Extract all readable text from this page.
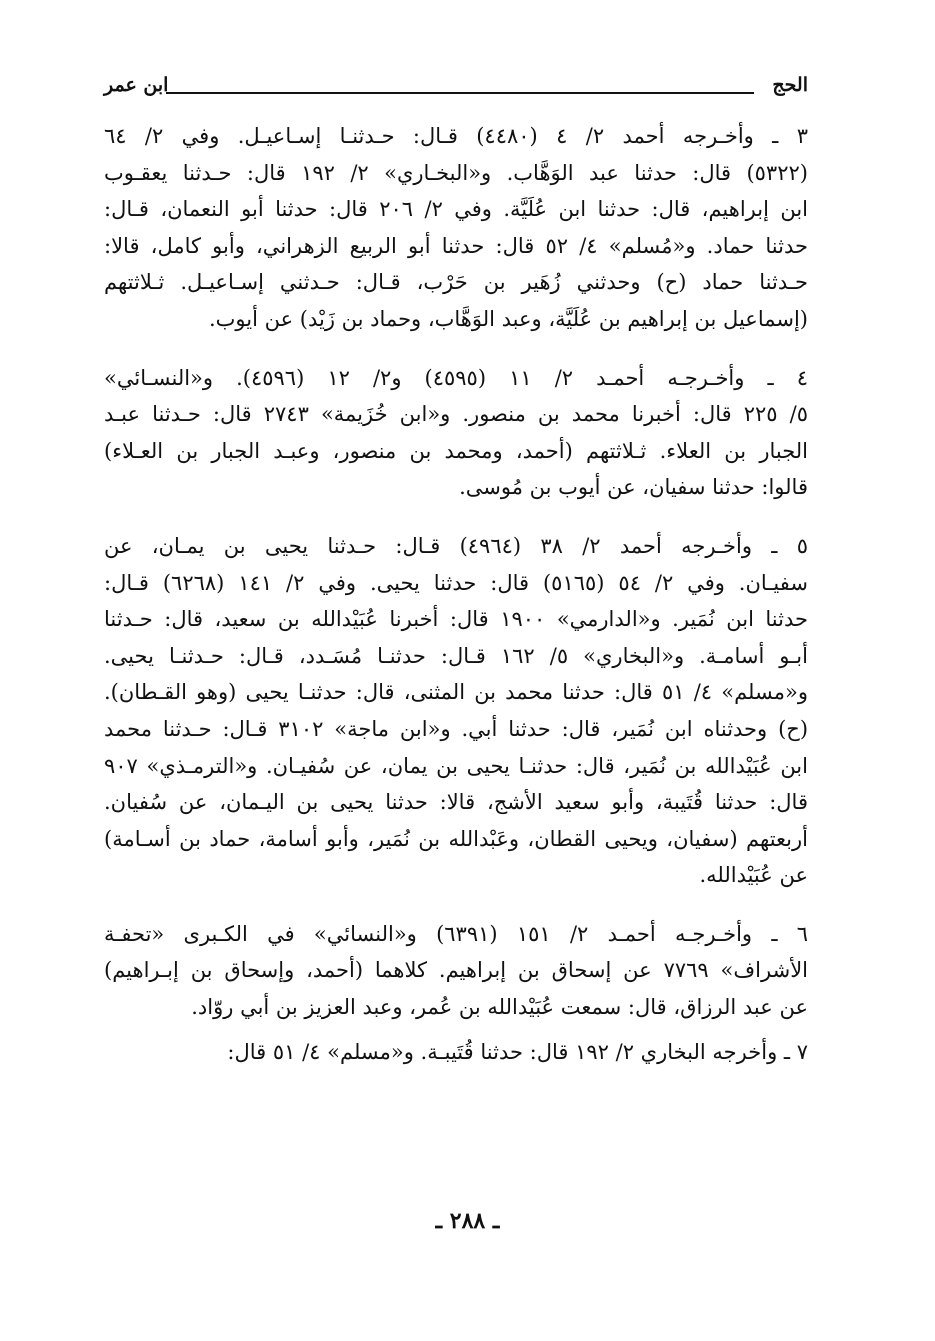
الحج
ابن عمر
٣ ـ وأخـرجه أحمد ٢/ ٤ (٤٤٨٠) قـال: حـدثنـا إسـاعيـل. وفي ٢/ ٦٤
(٥٣٢٢) قال: حدثنا عبد الوَهَّاب. و«البخـاري» ٢/ ١٩٢ قال: حـدثنا يعقـوب
ابن إبراهيم، قال: حدثنا ابن عُلَيَّة. وفي ٢/ ٢٠٦ قال: حدثنا أبو النعمان، قـال:
حدثنا حماد. و«مُسلم» ٤/ ٥٢ قال: حدثنا أبو الربيع الزهراني، وأبو كامل، قالا:
حـدثنا حماد (ح) وحدثني زُهَير بن حَرْب، قـال: حـدثني إسـاعيـل. ثـلاثتهم
(إسماعيل بن إبراهيم بن عُلَيَّة، وعبد الوَهَّاب، وحماد بن زَيْد) عن أيوب.
٤ ـ وأخـرجـه أحمـد ٢/ ١١ (٤٥٩٥) و٢/ ١٢ (٤٥٩٦). و«النسـائي»
٥/ ٢٢٥ قال: أخبرنا محمد بن منصور. و«ابن خُزَيمة» ٢٧٤٣ قال: حـدثنا عبـد
الجبار بن العلاء. ثـلاثتهم (أحمد، ومحمد بن منصور، وعبـد الجبار بن العـلاء)
قالوا: حدثنا سفيان، عن أيوب بن مُوسى.
٥ ـ وأخـرجه أحمد ٢/ ٣٨ (٤٩٦٤) قـال: حـدثنا يحيى بن يمـان، عن
سفيـان. وفي ٢/ ٥٤ (٥١٦٥) قال: حدثنا يحيى. وفي ٢/ ١٤١ (٦٢٦٨) قـال:
حدثنا ابن نُمَير. و«الدارمي» ١٩٠٠ قال: أخبرنا عُبَيْدالله بن سعيد، قال: حـدثنا
أبـو أسامـة. و«البخاري» ٥/ ١٦٢ قـال: حدثنـا مُسَـدد، قـال: حـدثنـا يحيى.
و«مسلم» ٤/ ٥١ قال: حدثنا محمد بن المثنى، قال: حدثنـا يحيى (وهو القـطان).
(ح) وحدثناه ابن نُمَير، قال: حدثنا أبي. و«ابن ماجة» ٣١٠٢ قـال: حـدثنا محمد
ابن عُبَيْدالله بن نُمَير، قال: حدثنـا يحيى بن يمان، عن سُفيـان. و«الترمـذي» ٩٠٧
قال: حدثنا قُتَيبة، وأبو سعيد الأشج، قالا: حدثنا يحيى بن اليـمان، عن سُفيان.
أربعتهم (سفيان، ويحيى القطان، وعَبْدالله بن نُمَير، وأبو أسامة، حماد بن أسـامة)
عن عُبَيْدالله.
٦ ـ وأخـرجـه أحمـد ٢/ ١٥١ (٦٣٩١) و«النسائي» في الكـبرى «تحفـة
الأشراف» ٧٧٦٩ عن إسحاق بن إبراهيم. كلاهما (أحمد، وإسحاق بن إبـراهيم)
عن عبد الرزاق، قال: سمعت عُبَيْدالله بن عُمر، وعبد العزيز بن أبي روّاد.
٧ ـ وأخرجه البخاري ٢/ ١٩٢ قال: حدثنا قُتَيبـة. و«مسلم» ٤/ ٥١ قال:
ـ ٢٨٨ ـ
